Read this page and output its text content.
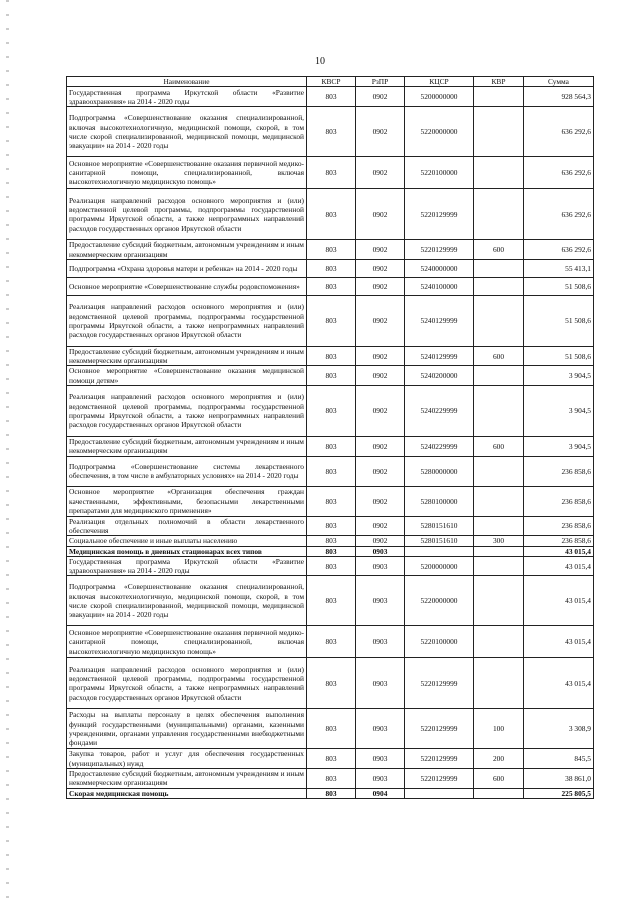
10
Наименование	КВСР	РзПР	КЦСР	КВР	Сумма
Государственная программа Иркутской области «Развитие здравоохранения» на 2014 - 2020 годы	803	0902	5200000000		928 564,3
Подпрограмма «Совершенствование оказания специализированной, включая высокотехнологичную, медицинской помощи, скорой, в том числе скорой специализированной, медицинской помощи, медицинской эвакуации» на 2014 - 2020 годы	803	0902	5220000000		636 292,6
Основное мероприятие «Совершенствование оказания первичной медико-санитарной помощи, специализированной, включая высокотехнологичную медицинскую помощь»	803	0902	5220100000		636 292,6
Реализация направлений расходов основного мероприятия и (или) ведомственной целевой программы, подпрограммы государственной программы Иркутской области, а также непрограммных направлений расходов государственных органов Иркутской области	803	0902	5220129999		636 292,6
Предоставление субсидий бюджетным, автономным учреждениям и иным некоммерческим организациям	803	0902	5220129999	600	636 292,6
Подпрограмма «Охрана здоровья матери и ребенка» на 2014 - 2020 годы	803	0902	5240000000		55 413,1
Основное мероприятие «Совершенствование службы родовспоможения»	803	0902	5240100000		51 508,6
Реализация направлений расходов основного мероприятия и (или) ведомственной целевой программы, подпрограммы государственной программы Иркутской области, а также непрограммных направлений расходов государственных органов Иркутской области	803	0902	5240129999		51 508,6
Предоставление субсидий бюджетным, автономным учреждениям и иным некоммерческим организациям	803	0902	5240129999	600	51 508,6
Основное мероприятие «Совершенствование оказания медицинской помощи детям»	803	0902	5240200000		3 904,5
Реализация направлений расходов основного мероприятия и (или) ведомственной целевой программы, подпрограммы государственной программы Иркутской области, а также непрограммных направлений расходов государственных органов Иркутской области	803	0902	5240229999		3 904,5
Предоставление субсидий бюджетным, автономным учреждениям и иным некоммерческим организациям	803	0902	5240229999	600	3 904,5
Подпрограмма «Совершенствование системы лекарственного обеспечения, в том числе в амбулаторных условиях» на 2014 - 2020 годы	803	0902	5280000000		236 858,6
Основное мероприятие «Организация обеспечения граждан качественными, эффективными, безопасными лекарственными препаратами для медицинского применения»	803	0902	5280100000		236 858,6
Реализация отдельных полномочий в области лекарственного обеспечения	803	0902	5280151610		236 858,6
Социальное обеспечение и иные выплаты населению	803	0902	5280151610	300	236 858,6
Медицинская помощь в дневных стационарах всех типов	803	0903			43 015,4
Государственная программа Иркутской области «Развитие здравоохранения» на 2014 - 2020 годы	803	0903	5200000000		43 015,4
Подпрограмма «Совершенствование оказания специализированной, включая высокотехнологичную, медицинской помощи, скорой, в том числе скорой специализированной, медицинской помощи, медицинской эвакуации» на 2014 - 2020 годы	803	0903	5220000000		43 015,4
Основное мероприятие «Совершенствование оказания первичной медико-санитарной помощи, специализированной, включая высокотехнологичную медицинскую помощь»	803	0903	5220100000		43 015,4
Реализация направлений расходов основного мероприятия и (или) ведомственной целевой программы, подпрограммы государственной программы Иркутской области, а также непрограммных направлений расходов государственных органов Иркутской области	803	0903	5220129999		43 015,4
Расходы на выплаты персоналу в целях обеспечения выполнения функций государственными (муниципальными) органами, казенными учреждениями, органами управления государственными внебюджетными фондами	803	0903	5220129999	100	3 308,9
Закупка товаров, работ и услуг для обеспечения государственных (муниципальных) нужд	803	0903	5220129999	200	845,5
Предоставление субсидий бюджетным, автономным учреждениям и иным некоммерческим организациям	803	0903	5220129999	600	38 861,0
Скорая медицинская помощь	803	0904			225 805,5
